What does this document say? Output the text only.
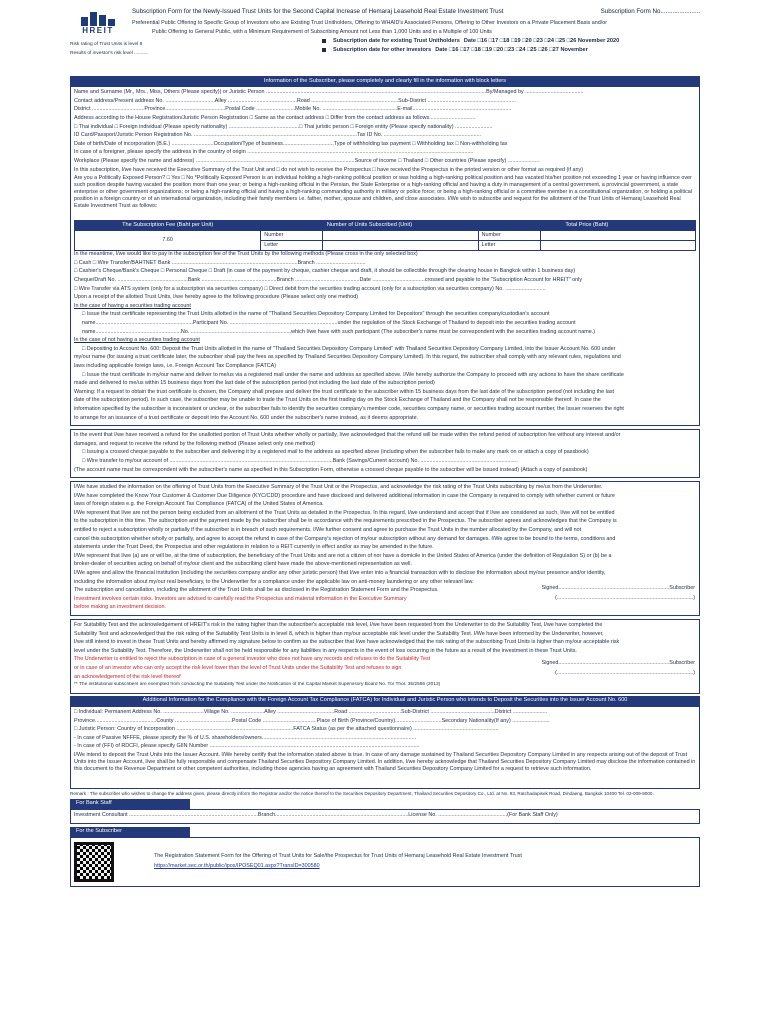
HREIT
Subscription Form for the Newly-Issued Trust Units for the Second Capital Increase of Hemaraj Leasehold Real Estate Investment Trust	Subscription Form No.......................
Preferential Public Offering to Specific Group of Investors who are Existing Trust Unitholders, Offering to WHAID's Associated Persons, Offering to Other Investors on a Private Placement Basis and/or
Public Offering to General Public, with a Minimum Requirement of Subscribing Amount not Less than 1,000 Units and in a Multiple of 100 Units
Subscription date for existing Trust Unitholders Date □16 □17 □18 □19 □20 □23 □24 □25 □26 November 2020
Subscription date for other investors Date □16 □17 □18 □19 □20 □23 □24 □25 □26 □27 November
Risk rating of Trust Units is level 8
Results of investor's risk level ...........
Information of the Subscriber, please completely and clearly fill in the information with block letters
Name and Surname (Mr., Mrs., Miss, Others (Please specify)) or Juristic Person ...................................................................................................................................................By/Managed by .......................................
Contact address/Present address No. .................................Alley ..............................................Road ..........................................................Sub-District ...........................................................
District ...................................Province........................................Postal Code ..........................Mobile No. ..................................................E-mail..................................................................
Address according to the House Registration/Juristic Person Registration □ Same as the contact address □ Differ from the contact address as follows...............................
□ Thai individual □ Foreign individual (Please specify nationality) ...............................................□ Thai juristic person □ Foreign entity (Please specify nationality) .........................
ID Card/Passport/Juristic Person Registration No. .............................................................................................................Tax ID No. .................................................................
Date of birth/Date of incorporation (B.E.) ............................Occupation/Type of business..................................Type of withholding tax payment □ Withholding tax □ Non-withholding tax
In case of a foreigner, please specify the address in the country of origin .......................................................................................................................................................
Workplace (Please specify the name and address) ..........................................................................................................Source of income □ Thailand □ Other countries (Please specify) .....................
In this subscription, I/we have received the Executive Summary of the Trust Unit and □ do not wish to receive the Prospectus □ have received the Prospectus in the printed version or other format as required (if any)
Are you a Politically Exposed Person? □ Yes □ No *Politically Exposed Person is an individual holding a high-ranking political position or was holding a high-ranking political position and has vacated his/her position not exceeding 1 year or having influence over such position despite having vacated the position more than one year; or being a high-ranking official in the Persian, the State Enterprise or a high-ranking official and having a duty in management of a central government, a provincial government, a state enterprise or other government organizations; or being a high-ranking official and having a high-ranking commanding authority in military or police force; or being a high-ranking official or a committee member in a constitutional organization, or holding a political position in a foreign country or of an international organization, including their family members i.e. father, mother, spouse and children, and close associates. I/We wish to subscribe and request for the allotment of the Trust Units of Hemaraj Leasehold Real Estate Investment Trust as follows:
The Subscription Fee (Baht per Unit)	Number of Units Subscribed (Unit)		Total Price (Baht)	
7.60	Number		Number	
	Letter		Letter	
In the meantime, I/we would like to pay in the subscription fee of the Trust Units by the following methods (Please cross in the only selected box)
□ Cash □ Wire Transfer/BAHTNET Bank ....................................................................................Branch .................................
□ Cashier's Cheque/Bank's Cheque □ Personal Cheque □ Draft (in case of the payment by cheque, cashier cheque and draft, it should be collectible through the clearing house in Bangkok within 1 business day)
Cheque/Draft No. ...............................................Bank ..................................................Branch ...........................................Date ...................................crossed and payable to the "Subscription Account for HREIT" only
□ Wire Transfer via ATS system (only for a subscription via securities company) □ Direct debit from the securities trading account (only for a subscription via securities company) No. ...........................
Upon a receipt of the allotted Trust Units, I/we hereby agree to the following procedure (Please select only one method)
In the case of having a securities trading account
□ Issue the trust certificate representing the Trust Units allotted in the name of "Thailand Securities Depository Company Limited for Depositors" through the securities company/custodian's account
name.................................................................Participant No. ........................................................................under the regulation of the Stock Exchange of Thailand to deposit into the securities trading account
name.........................................................No. ...................................................................which I/we have with such participant (The subscriber's name must be correspondent with the securities trading account name.)
In the case of not having a securities trading account
□ Depositing to Account No. 600: Deposit the Trust Units allotted in the name of "Thailand Securities Depository Company Limited" with Thailand Securities Depository Company Limited, into the Issuer Account No. 600 under
my/our name (for issuing a trust certificate later, the subscriber shall pay the fees as specified by Thailand Securities Depository Company Limited). In this regard, the subscriber shall comply with any relevant rules, regulations and
laws including applicable foreign laws, i.e. Foreign Account Tax Compliance (FATCA)
□ Issue the trust certificate in my/our name and deliver to me/us via a registered mail under the name and address as specified above. I/We hereby authorize the Company to proceed with any actions to have the share certificate
made and delivered to me/us within 15 business days from the last date of the subscription period (not including the last date of the subscription period)
Warning: If a request to obtain the trust certificate is chosen, the Company shall prepare and deliver the trust certificate to the subscriber within 15 business days from the last date of the subscription period (not including the last
date of the subscription period). In such case, the subscriber may be unable to trade the Trust Units on the first trading day on the Stock Exchange of Thailand and the Company shall not be responsible thereof. In case the
information specified by the subscriber is inconsistent or unclear, or the subscriber fails to identify the securities company's member code, securities company name, or securities trading account number, the Issuer reserves the right
to arrange for an issuance of a trust certificate or deposit into the Account No. 600 under the subscriber's name instead, as it deems appropriate.
In the event that I/we have received a refund for the unallotted portion of Trust Units whether wholly or partially, I/we acknowledged that the refund will be made within the refund period of subscription fee without any interest and/or
damages, and request to receive the refund by the following method (Please select only one method)
□ Issuing a crossed cheque payable to the subscriber and delivering it by a registered mail to the address as specified above (including when the subscriber fails to make any mark on or attach a copy of passbook)
□ Wire transfer to my/our account of .............................................................................................................Bank (Savings/Current account) No. .................................................................
(The account name must be correspondent with the subscriber's name as specified in this Subscription Form, otherwise a crossed cheque payable to the subscriber will be issued instead) (Attach a copy of passbook)
I/We have studied the information on the offering of Trust Units from the Executive Summary of the Trust Unit or the Prospectus, and acknowledge the risk rating of the Trust Units subscribing by me/us from the Underwriter.
I/We have completed the Know Your Customer & Customer Due Diligence (KYC/CDD) procedure and have disclosed and delivered additional information in case the Company is required to comply with whether current or future
laws of foreign states e.g. the Foreign Account Tax Compliance (FATCA) of the United States of America.
I/We represent that I/we are not the person being excluded from an allotment of the Trust Units as detailed in the Prospectus. In this regard, I/we understand and accept that if I/we are considered as such, I/we will not be entitled
to the subscription in this time. The subscription and the payment made by the subscriber shall be in accordance with the requirements prescribed in the Prospectus. The subscriber agrees and acknowledges that the Company is
entitled to reject a subscription wholly or partially if the subscriber is in breach of such requirements. I/We further consent and agree to purchase the Trust Units in the number allocated by the Company, and will not
cancel this subscription whether wholly or partially, and agree to accept the refund in case of the Company's rejection of my/our subscription without any demand for damages. I/We agree to be bound to the terms, conditions and
statements under the Trust Deed, the Prospectus and other regulations in relation to a REIT currently in effect and/or as may be amended in the future.
I/We represent that I/we (a) are or will be, at the time of subscription, the beneficiary of the Trust Units and are not a citizen of nor have a domicile in the United States of America (under the definition of Regulation S) or (b) be a
broker-dealer of securities acting on behalf of my/our client and the subscribing client have made the above-mentioned representation as well.
I/We agree and allow the financial institution (including the securities company and/or any other juristic person) that I/we enter into a financial transaction with to disclose the information about my/our presence and/or identity,
including the information about my/our real beneficiary, to the Underwriter for a compliance under the applicable law on anti-money laundering or any other relevant law.
The subscription and cancellation, including the allotment of the Trust Units shall be as disclosed in the Registration Statement Form and the Prospectus.
Investment involves certain risks. Investors are advised to carefully read the Prospectus and material information in the Executive Summary
before making an investment decision.
Signed..........................................................................Subscriber
(...........................................................................................)
For Suitability Test and the acknowledgement of HREIT's risk in the rating higher than the subscriber's acceptable risk level, I/we have been requested from the Underwriter to do the Suitability Test, I/we have completed the
Suitability Test and acknowledged that the risk rating of the Suitability Test Units is in level 8, which is higher than my/our acceptable risk level under the Suitability Test. I/We have been informed by the Underwriter, however,
I/we still intend to invest in these Trust Units and hereby affirmed my signature below to confirm as the subscriber that I/we have acknowledged that the risk rating of the subscribing Trust Units is higher than my/our acceptable risk
level under the Suitability Test. Therefore, the Underwriter shall not be held responsible for any liabilities in any respects in the event of loss occurring in the future as a result of the investment in these Trust Units.
The Underwriter is entitled to reject the subscription in case of a general investor who does not have any records and refuses to do the Suitability Test
or in case of an investor who can only accept the risk level lower than the level of Trust Units under the Suitability Test and refuses to sign
an acknowledgement of the risk level thereof
** The institutional subscribers are exempted from conducting the Suitability Test under the Notification of the Capital Market Supervisory Board No. Tor Thor. 35/2556 (2013)
Signed..........................................................................Subscriber
(...........................................................................................)
Additional Information for the Compliance with the Foreign Account Tax Compliance (FATCA) for Individual and Juristic Person who intends to Deposit the Securities into the Issuer Account No. 600
□ Individual: Permanent Address No. ...........................Village No. ......................Alley ......................................Road ...................................Sub-District ...........................................District .......................
Province.........................................County ......................................Postal Code ....................................Place of Birth (Province/Country)...............................Secondary Nationality(If any) .........................
□ Juristic Person: Country of Incorporation ..............................................................................FATCA Status (as per the attached questionnaire) .........................................................
- In case of Passive NFFFE, please specify the % of U.S. shareholders/owners.......................................................................................................
- In case of (FFI) of RDCFI, please specify GIIN Number ............................................................................................................................................
I/We intend to deposit the Trust Units into the Issuer Account. I/We hereby certify that the information stated above is true. In case of any damage sustained by Thailand Securities Depository Company Limited in any respects arising out of the deposit of Trust Units into the Issuer Account, I/we shall be fully responsible and compensate Thailand Securities Depository Company Limited. In addition, I/we hereby acknowledge that Thailand Securities Depository Company Limited may disclose the information contained in this document to the Revenue Department or other competent authorities, including those agencies having an agreement with Thailand Securities Depository Company Limited for a request to retrieve such information.
Remark : The subscriber who wishes to change the address given, please directly inform the Registrar and/or the notice thereof to the Securities Depository Department, Thailand Securities Depository Co., Ltd. at No. 93, Ratchadapisek Road, Dindaeng, Bangkok 10400 Tel. 02-009-9000.
For Bank Staff
Investment Consultant ......................................................................................Branch.........................................................................................License No. ..............................................(For Bank Staff Only)
For the Subscriber
The Registration Statement Form for the Offering of Trust Units for Sale/the Prospectus for Trust Units of Hemaraj Leasehold Real Estate Investment Trust
https://market.sec.or.th/public/ipos/IPOSEQ01.aspx?TransID=300580
